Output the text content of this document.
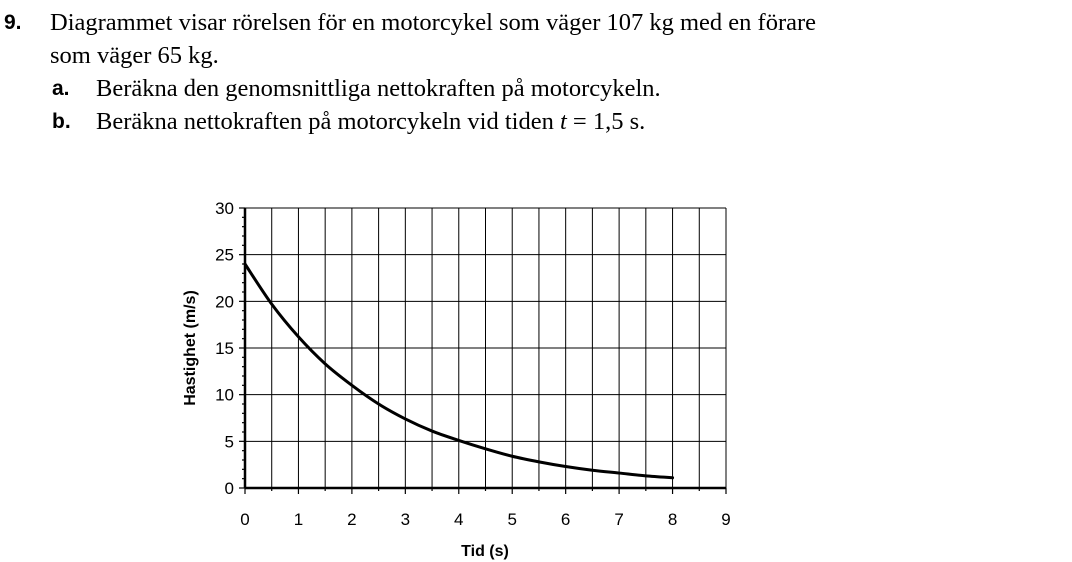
9. Diagrammet visar rörelsen för en motorcykel som väger 107 kg med en förare
som väger 65 kg.
a. Beräkna den genomsnittliga nettokraften på motorcykeln.
b. Beräkna nettokraften på motorcykeln vid tiden t = 1,5 s.
0	1	2	3	4	5	6	7	8	9
0
5
10
15
20
25
30
Tid (s)
Hastighet (m/s)
